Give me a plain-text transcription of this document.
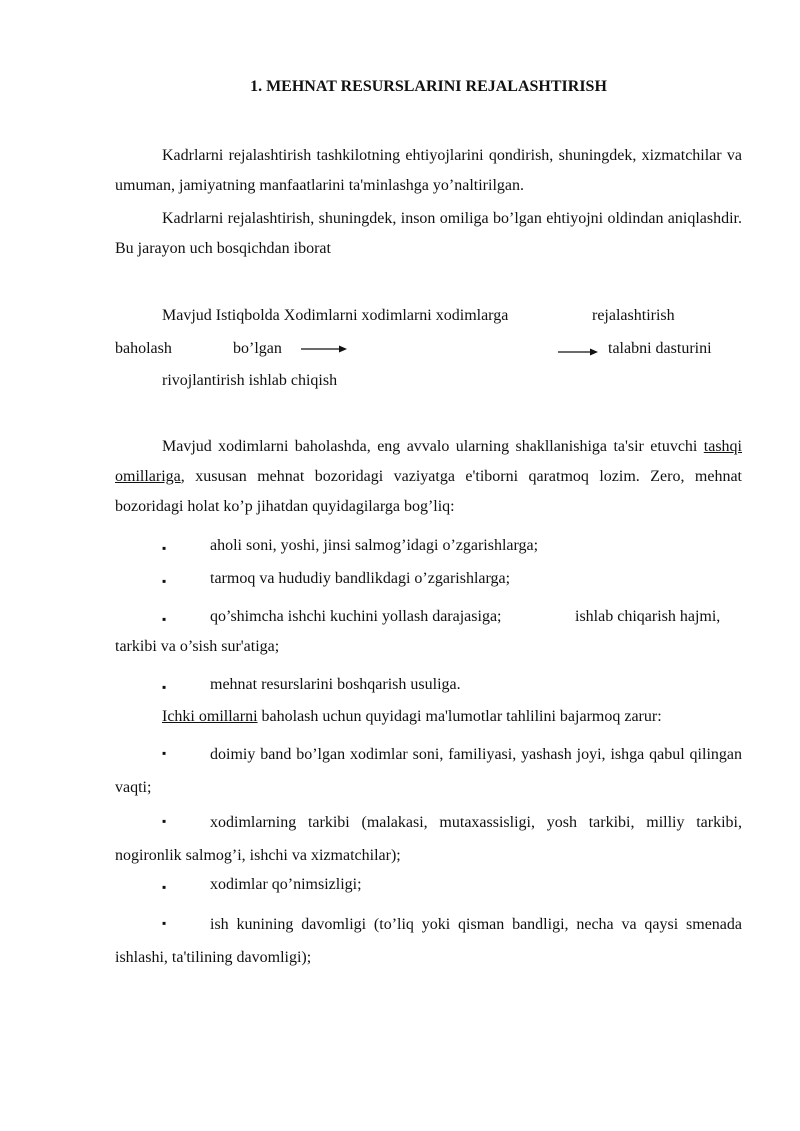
1. MEHNAT RESURSLARINI REJALASHTIRISH

Kadrlarni rejalashtirish tashkilotning ehtiyojlarini qondirish, shuningdek, xizmatchilar va umuman, jamiyatning manfaatlarini ta'minlashga yo’naltirilgan.

Kadrlarni rejalashtirish, shuningdek, inson omiliga bo’lgan ehtiyojni oldindan aniqlashdir. Bu jarayon uch bosqichdan iborat

Mavjud Istiqbolda Xodimlarni xodimlarni xodimlarga	rejalashtirish
baholash	bo’lgan	talabni dasturini
rivojlantirish ishlab chiqish

Mavjud xodimlarni baholashda, eng avvalo ularning shakllanishiga ta'sir etuvchi tashqi omillariga, xususan mehnat bozoridagi vaziyatga e'tiborni qaratmoq lozim. Zero, mehnat bozoridagi holat ko’p jihatdan quyidagilarga bog’liq:

▪	aholi soni, yoshi, jinsi salmog’idagi o’zgarishlarga;
▪	tarmoq va hududiy bandlikdagi o’zgarishlarga;
▪	qo’shimcha ishchi kuchini yollash darajasiga;	ishlab chiqarish hajmi,
tarkibi va o’sish sur'atiga;
▪	mehnat resurslarini boshqarish usuliga.
Ichki omillarni baholash uchun quyidagi ma'lumotlar tahlilini bajarmoq zarur:
▪	doimiy band bo’lgan xodimlar soni, familiyasi, yashash joyi, ishga qabul qilingan vaqti;

▪	xodimlarning tarkibi (malakasi, mutaxassisligi, yosh tarkibi, milliy tarkibi, nogironlik salmog’i, ishchi va xizmatchilar);

▪	xodimlar qo’nimsizligi;
▪	ish kunining davomligi (to’liq yoki qisman bandligi, necha va qaysi smenada ishlashi, ta'tilining davomligi);
